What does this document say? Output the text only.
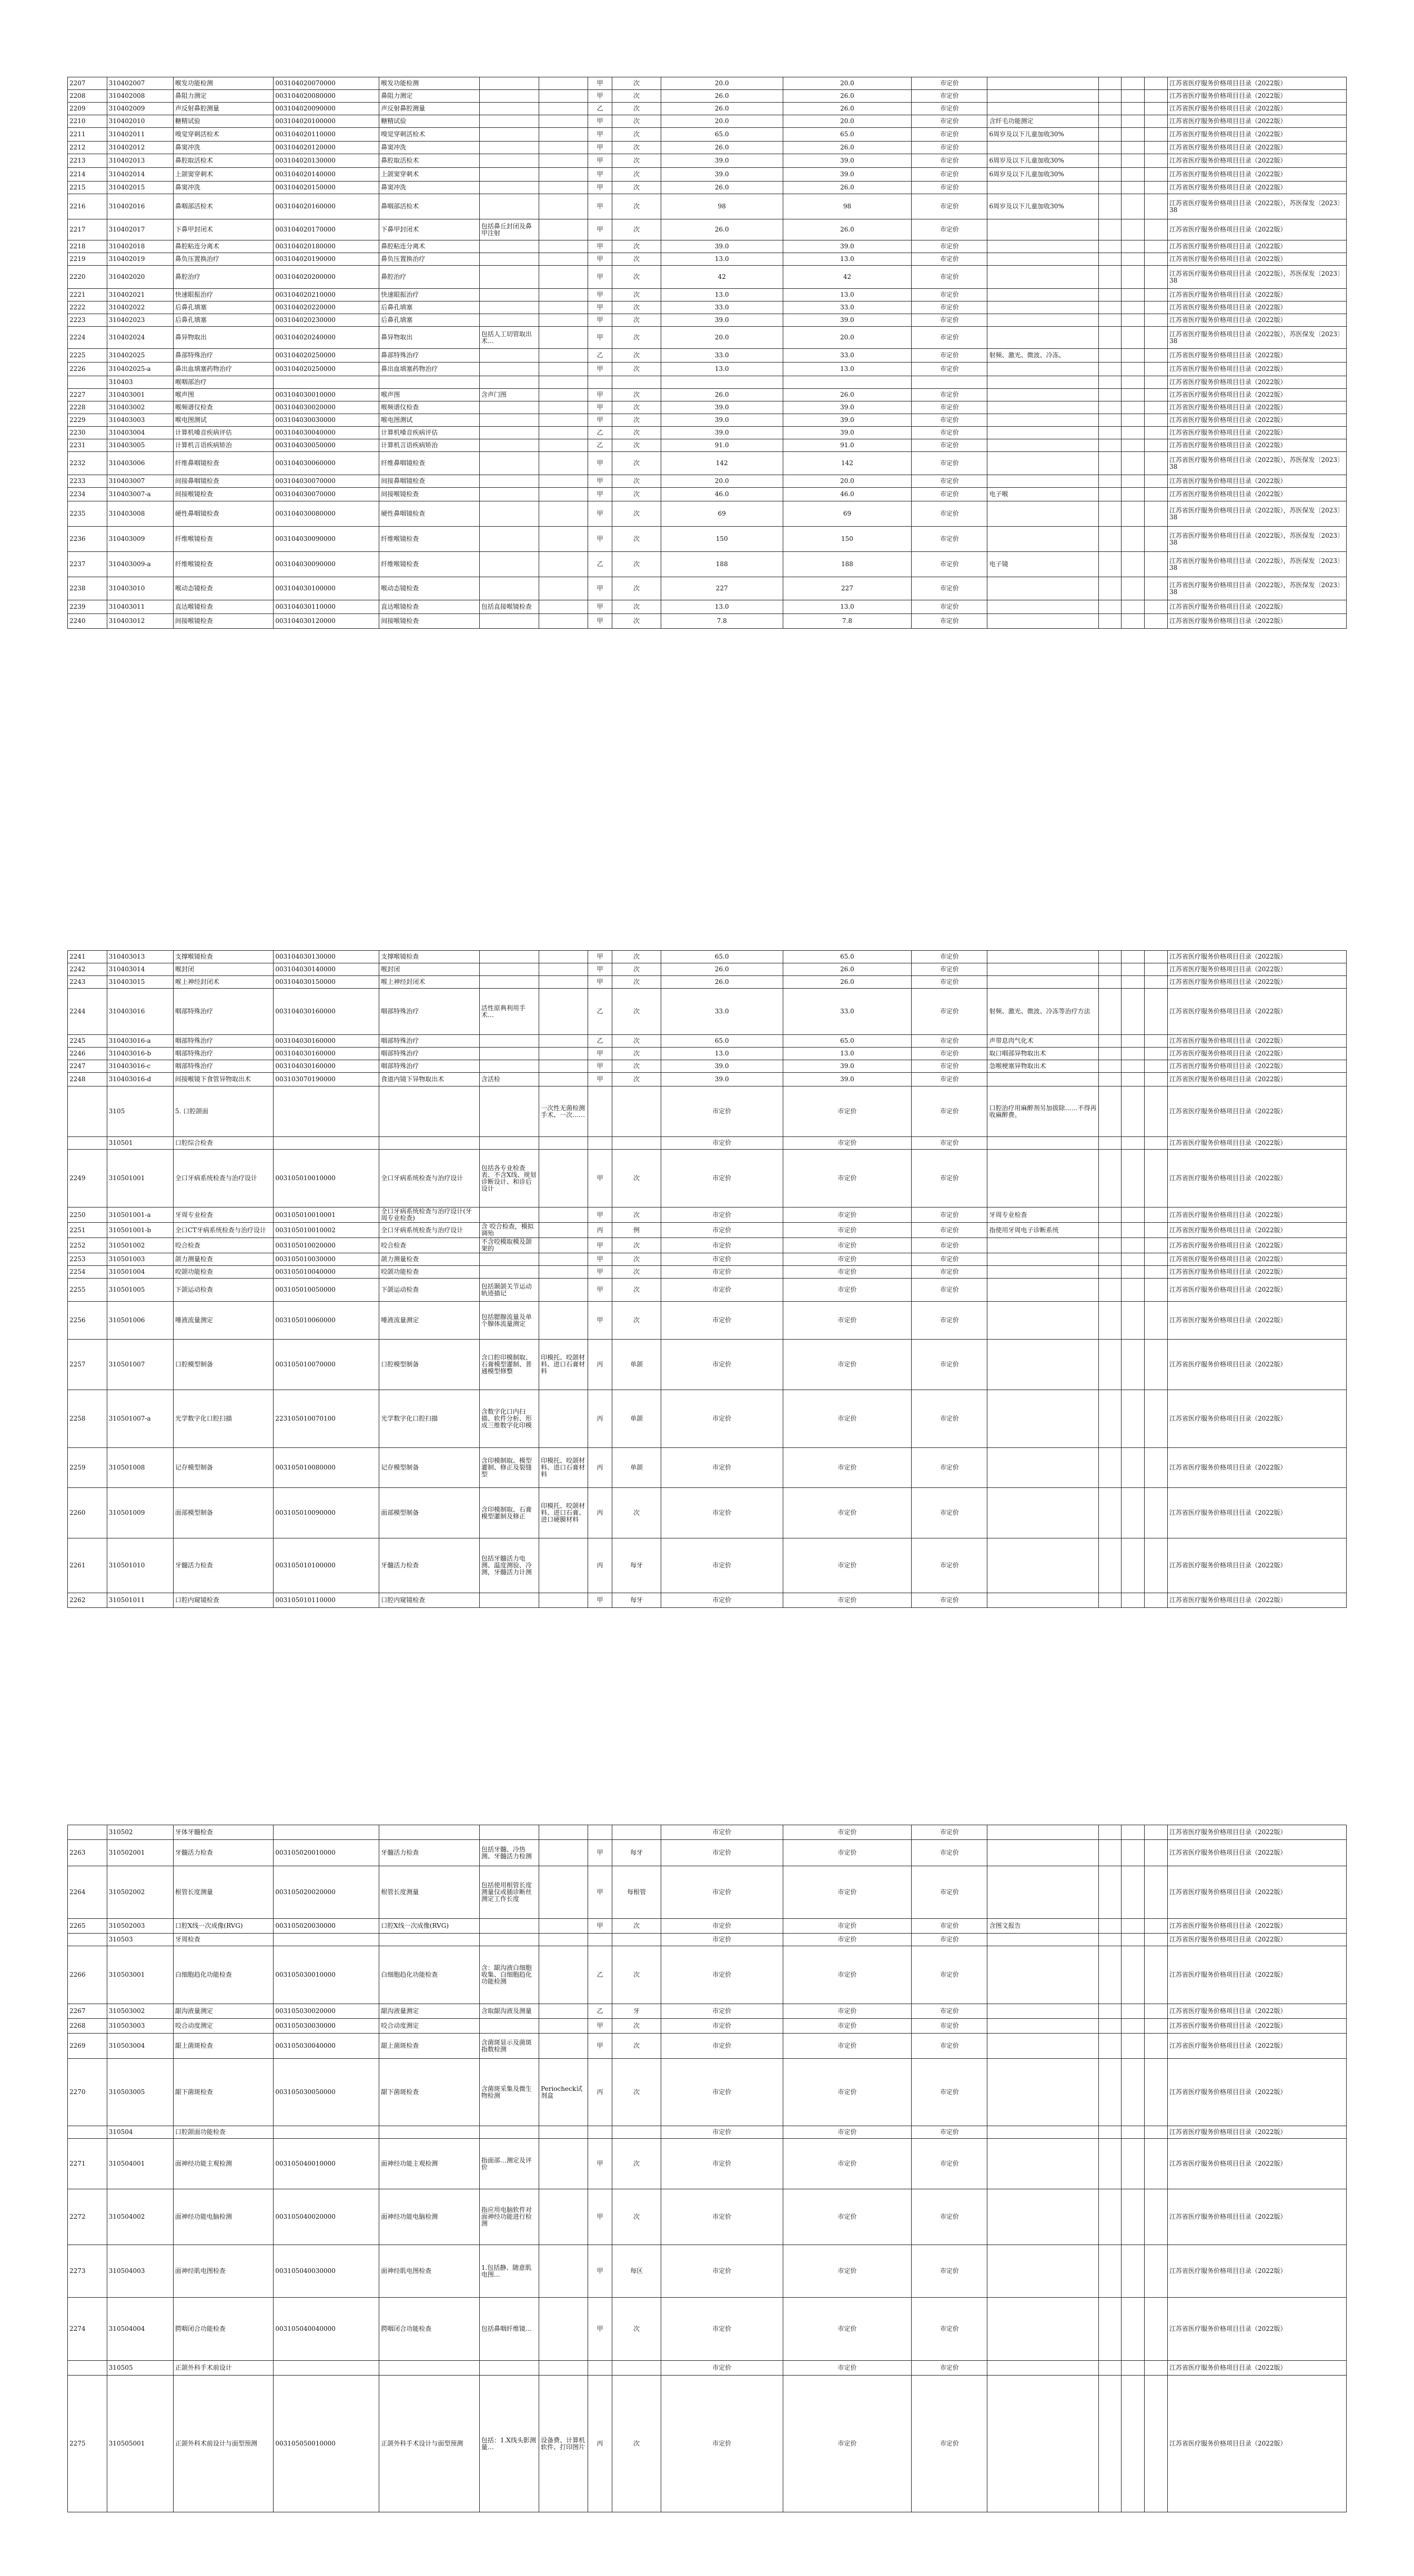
2207	310402007	喉发功能检测	003104020070000	喉发功能检测			甲	次	20.0	20.0	市定价					江苏省医疗服务价格项目目录（2022版）
2208	310402008	鼻阻力测定	003104020080000	鼻阻力测定			甲	次	26.0	26.0	市定价					江苏省医疗服务价格项目目录（2022版）
2209	310402009	声反射鼻腔测量	003104020090000	声反射鼻腔测量			乙	次	26.0	26.0	市定价					江苏省医疗服务价格项目目录（2022版）
2210	310402010	糖精试验	003104020100000	糖精试验			甲	次	20.0	20.0	市定价	含纤毛功能测定				江苏省医疗服务价格项目目录（2022版）
2211	310402011	嗅觉穿刺活检术	003104020110000	嗅觉穿刺活检术			甲	次	65.0	65.0	市定价	6周岁及以下儿童加收30%				江苏省医疗服务价格项目目录（2022版）
2212	310402012	鼻窦冲洗	003104020120000	鼻窦冲洗			甲	次	26.0	26.0	市定价					江苏省医疗服务价格项目目录（2022版）
2213	310402013	鼻腔取活检术	003104020130000	鼻腔取活检术			甲	次	39.0	39.0	市定价	6周岁及以下儿童加收30%				江苏省医疗服务价格项目目录（2022版）
2214	310402014	上颌窦穿刺术	003104020140000	上颌窦穿刺术			甲	次	39.0	39.0	市定价	6周岁及以下儿童加收30%				江苏省医疗服务价格项目目录（2022版）
2215	310402015	鼻窦冲洗	003104020150000	鼻窦冲洗			甲	次	26.0	26.0	市定价					江苏省医疗服务价格项目目录（2022版）
2216	310402016	鼻咽部活检术	003104020160000	鼻咽部活检术			甲	次	98	98	市定价	6周岁及以下儿童加收30%				江苏省医疗服务价格项目目录（2022版），苏医保发〔2023〕38
2217	310402017	下鼻甲封闭术	003104020170000	下鼻甲封闭术	包括鼻丘封闭及鼻甲注射		甲	次	26.0	26.0	市定价					江苏省医疗服务价格项目目录（2022版）
2218	310402018	鼻腔粘连分离术	003104020180000	鼻腔粘连分离术			甲	次	39.0	39.0	市定价					江苏省医疗服务价格项目目录（2022版）
2219	310402019	鼻负压置换治疗	003104020190000	鼻负压置换治疗			甲	次	13.0	13.0	市定价					江苏省医疗服务价格项目目录（2022版）
2220	310402020	鼻腔治疗	003104020200000	鼻腔治疗			甲	次	42	42	市定价					江苏省医疗服务价格项目目录（2022版），苏医保发〔2023〕38
2221	310402021	快速眼振治疗	003104020210000	快速眼振治疗			甲	次	13.0	13.0	市定价					江苏省医疗服务价格项目目录（2022版）
2222	310402022	后鼻孔填塞	003104020220000	后鼻孔填塞			甲	次	33.0	33.0	市定价					江苏省医疗服务价格项目目录（2022版）
2223	310402023	后鼻孔填塞	003104020230000	后鼻孔填塞			甲	次	39.0	39.0	市定价					江苏省医疗服务价格项目目录（2022版）
2224	310402024	鼻异物取出	003104020240000	鼻异物取出	包括人工切管取出术…		甲	次	20.0	20.0	市定价					江苏省医疗服务价格项目目录（2022版），苏医保发〔2023〕38
2225	310402025	鼻部特殊治疗	003104020250000	鼻部特殊治疗			乙	次	33.0	33.0	市定价	射频、激光、微波、冷冻、				江苏省医疗服务价格项目目录（2022版）
2226	310402025-a	鼻出血填塞药物治疗	003104020250000	鼻出血填塞药物治疗			甲	次	13.0	13.0	市定价					江苏省医疗服务价格项目目录（2022版）
	310403	喉咽部治疗														江苏省医疗服务价格项目目录（2022版）
2227	310403001	喉声图	003104030010000	喉声图	含声门图		甲	次	26.0	26.0	市定价					江苏省医疗服务价格项目目录（2022版）
2228	310403002	喉频谱仪检查	003104030020000	喉频谱仪检查			甲	次	39.0	39.0	市定价					江苏省医疗服务价格项目目录（2022版）
2229	310403003	喉电图测试	003104030030000	喉电图测试			甲	次	39.0	39.0	市定价					江苏省医疗服务价格项目目录（2022版）
2230	310403004	计算机嗓音疾病评估	003104030040000	计算机嗓音疾病评估			乙	次	39.0	39.0	市定价					江苏省医疗服务价格项目目录（2022版）
2231	310403005	计算机言语疾病矫治	003104030050000	计算机言语疾病矫治			乙	次	91.0	91.0	市定价					江苏省医疗服务价格项目目录（2022版）
2232	310403006	纤维鼻咽镜检查	003104030060000	纤维鼻咽镜检查			甲	次	142	142	市定价					江苏省医疗服务价格项目目录（2022版），苏医保发〔2023〕38
2233	310403007	间接鼻咽镜检查	003104030070000	间接鼻咽镜检查			甲	次	20.0	20.0	市定价					江苏省医疗服务价格项目目录（2022版）
2234	310403007-a	间接喉镜检查	003104030070000	间接喉镜检查			甲	次	46.0	46.0	市定价	电子喉				江苏省医疗服务价格项目目录（2022版）
2235	310403008	硬性鼻咽镜检查	003104030080000	硬性鼻咽镜检查			甲	次	69	69	市定价					江苏省医疗服务价格项目目录（2022版），苏医保发〔2023〕38
2236	310403009	纤维喉镜检查	003104030090000	纤维喉镜检查			甲	次	150	150	市定价					江苏省医疗服务价格项目目录（2022版），苏医保发〔2023〕38
2237	310403009-a	纤维喉镜检查	003104030090000	纤维喉镜检查			乙	次	188	188	市定价	电子镜				江苏省医疗服务价格项目目录（2022版），苏医保发〔2023〕38
2238	310403010	喉动态镜检查	003104030100000	喉动态镜检查			甲	次	227	227	市定价					江苏省医疗服务价格项目目录（2022版），苏医保发〔2023〕38
2239	310403011	直达喉镜检查	003104030110000	直达喉镜检查	包括直接喉镜检查		甲	次	13.0	13.0	市定价					江苏省医疗服务价格项目目录（2022版）
2240	310403012	间接喉镜检查	003104030120000	间接喉镜检查			甲	次	7.8	7.8	市定价					江苏省医疗服务价格项目目录（2022版）
2241	310403013	支撑喉镜检查	003104030130000	支撑喉镜检查			甲	次	65.0	65.0	市定价					江苏省医疗服务价格项目目录（2022版）
2242	310403014	喉封闭	003104030140000	喉封闭			甲	次	26.0	26.0	市定价					江苏省医疗服务价格项目目录（2022版）
2243	310403015	喉上神经封闭术	003104030150000	喉上神经封闭术			甲	次	26.0	26.0	市定价					江苏省医疗服务价格项目目录（2022版）
2244	310403016	咽部特殊治疗	003104030160000	咽部特殊治疗	活性原典利用手术…		乙	次	33.0	33.0	市定价	射频、激光、微波、冷冻等治疗方法				江苏省医疗服务价格项目目录（2022版）
2245	310403016-a	咽部特殊治疗	003104030160000	咽部特殊治疗			乙	次	65.0	65.0	市定价	声带息肉气化术				江苏省医疗服务价格项目目录（2022版）
2246	310403016-b	咽部特殊治疗	003104030160000	咽部特殊治疗			甲	次	13.0	13.0	市定价	取口咽部异物取出术				江苏省医疗服务价格项目目录（2022版）
2247	310403016-c	咽部特殊治疗	003104030160000	咽部特殊治疗			甲	次	39.0	39.0	市定价	急喉梗塞异物取出术				江苏省医疗服务价格项目目录（2022版）
2248	310403016-d	间接喉镜下食管异物取出术	003103070190000	食道内镜下异物取出术	含活检		甲	次	39.0	39.0	市定价					江苏省医疗服务价格项目目录（2022版）
	3105	5. 口腔颌面				一次性无菌检测手术、一次……			市定价	市定价	市定价	口腔治疗用麻醉剂另加拔除……不得再收麻醉费。				江苏省医疗服务价格项目目录（2022版）
	310501	口腔综合检查							市定价	市定价	市定价					江苏省医疗服务价格项目目录（2022版）
2249	310501001	全口牙病系统检查与治疗设计	003105010010000	全口牙病系统检查与治疗设计	包括各专业检查表、不含X线、规划诊断设计、和诊后设计		甲	次	市定价	市定价	市定价					江苏省医疗服务价格项目目录（2022版）
2250	310501001-a	牙周专业检查	003105010010001	全口牙病系统检查与治疗设计(牙周专业检查)			甲	次	市定价	市定价	市定价	牙周专业检查				江苏省医疗服务价格项目目录（2022版）
2251	310501001-b	全口CT牙病系统检查与治疗设计	003105010010002	全口牙病系统检查与治疗设计	含 咬合检查，模拟调殆		丙	例	市定价	市定价	市定价	指使用牙周电子诊断系统				江苏省医疗服务价格项目目录（2022版）
2252	310501002	咬合检查	003105010020000	咬合检查	不含咬模取模及颌架的		甲	次	市定价	市定价	市定价					江苏省医疗服务价格项目目录（2022版）
2253	310501003	颌力测量检查	003105010030000	颌力测量检查			甲	次	市定价	市定价	市定价					江苏省医疗服务价格项目目录（2022版）
2254	310501004	咬颌功能检查	003105010040000	咬颌功能检查			甲	次	市定价	市定价	市定价					江苏省医疗服务价格项目目录（2022版）
2255	310501005	下颌运动检查	003105010050000	下颌运动检查	包括颞颌关节运动轨迹描记		甲	次	市定价	市定价	市定价					江苏省医疗服务价格项目目录（2022版）
2256	310501006	唾液流量测定	003105010060000	唾液流量测定	包括腮腺流量及单个腺体流量测定		甲	次	市定价	市定价	市定价					江苏省医疗服务价格项目目录（2022版）
2257	310501007	口腔模型制备	003105010070000	口腔模型制备	含口腔印模制取、石膏模型灌制、普通模型修整	印模托、咬颌材料、进口石膏材料	丙	单颌	市定价	市定价	市定价					江苏省医疗服务价格项目目录（2022版）
2258	310501007-a	光学数字化口腔扫描	223105010070100	光学数字化口腔扫描	含数字化口内扫描、软件分析、形成三维数字化印模		丙	单颌	市定价	市定价	市定价					江苏省医疗服务价格项目目录（2022版）
2259	310501008	记存模型制备	003105010080000	记存模型制备	含印模制取、模型灌制、修正及裂缝型	印模托、咬颌材料、进口石膏材料	丙	单颌	市定价	市定价	市定价					江苏省医疗服务价格项目目录（2022版）
2260	310501009	面部模型制备	003105010090000	面部模型制备	含印模制取、石膏模型灌制及修正	印模托、咬颌材料、进口石膏、进口硬膜材料	丙	次	市定价	市定价	市定价					江苏省医疗服务价格项目目录（2022版）
2261	310501010	牙髓活力检查	003105010100000	牙髓活力检查	包括牙髓活力电测、温度测验、冷测，牙髓活力计测		丙	每牙	市定价	市定价	市定价					江苏省医疗服务价格项目目录（2022版）
2262	310501011	口腔内窥镜检查	003105010110000	口腔内窥镜检查			甲	每牙	市定价	市定价	市定价					江苏省医疗服务价格项目目录（2022版）
	310502	牙体牙髓检查							市定价	市定价	市定价					江苏省医疗服务价格项目目录（2022版）
2263	310502001	牙髓活力检查	003105020010000	牙髓活力检查	包括牙髓、冷热测、牙髓活力检测		甲	每牙	市定价	市定价	市定价					江苏省医疗服务价格项目目录（2022版）
2264	310502002	根管长度测量	003105020020000	根管长度测量	包括使用根管长度测量仪或插诊断丝测定工作长度		甲	每根管	市定价	市定价	市定价					江苏省医疗服务价格项目目录（2022版）
2265	310502003	口腔X线一次成像(RVG)	003105020030000	口腔X线一次成像(RVG)			甲	次	市定价	市定价	市定价	含图文报告				江苏省医疗服务价格项目目录（2022版）
	310503	牙周检查							市定价	市定价	市定价					江苏省医疗服务价格项目目录（2022版）
2266	310503001	白细胞趋化功能检查	003105030010000	白细胞趋化功能检查	含：龈沟液白细胞收集、白细胞趋化功能检测		乙	次	市定价	市定价	市定价					江苏省医疗服务价格项目目录（2022版）
2267	310503002	龈沟液量测定	003105030020000	龈沟液量测定	含取龈沟液及测量		乙	牙	市定价	市定价	市定价					江苏省医疗服务价格项目目录（2022版）
2268	310503003	咬合动度测定	003105030030000	咬合动度测定			甲	次	市定价	市定价	市定价					江苏省医疗服务价格项目目录（2022版）
2269	310503004	龈上菌斑检查	003105030040000	龈上菌斑检查	含菌斑显示及菌斑指数检测		甲	次	市定价	市定价	市定价					江苏省医疗服务价格项目目录（2022版）
2270	310503005	龈下菌斑检查	003105030050000	龈下菌斑检查	含菌斑采集及微生物检测	Periocheck试剂盒	丙	次	市定价	市定价	市定价					江苏省医疗服务价格项目目录（2022版）
	310504	口腔颌面功能检查							市定价	市定价	市定价					江苏省医疗服务价格项目目录（2022版）
2271	310504001	面神经功能主观检测	003105040010000	面神经功能主观检测	指面部…测定及评价		甲	次	市定价	市定价	市定价					江苏省医疗服务价格项目目录（2022版）
2272	310504002	面神经功能电脑检测	003105040020000	面神经功能电脑检测	指应用电脑软件对面神经功能进行检测		甲	次	市定价	市定价	市定价					江苏省医疗服务价格项目目录（2022版）
2273	310504003	面神经肌电图检查	003105040030000	面神经肌电图检查	1.包括静、随意肌电图…		甲	每区	市定价	市定价	市定价					江苏省医疗服务价格项目目录（2022版）
2274	310504004	腭咽闭合功能检查	003105040040000	腭咽闭合功能检查	包括鼻咽纤维镜…		甲	次	市定价	市定价	市定价					江苏省医疗服务价格项目目录（2022版）
	310505	正颌外科手术前设计							市定价	市定价	市定价					江苏省医疗服务价格项目目录（2022版）
2275	310505001	正颌外科术前设计与面型预测	003105050010000	正颌外科手术设计与面型预测	包括：1.X线头影测量…	设备费、计算机软件、打印图片	丙	次	市定价	市定价	市定价					江苏省医疗服务价格项目目录（2022版）
